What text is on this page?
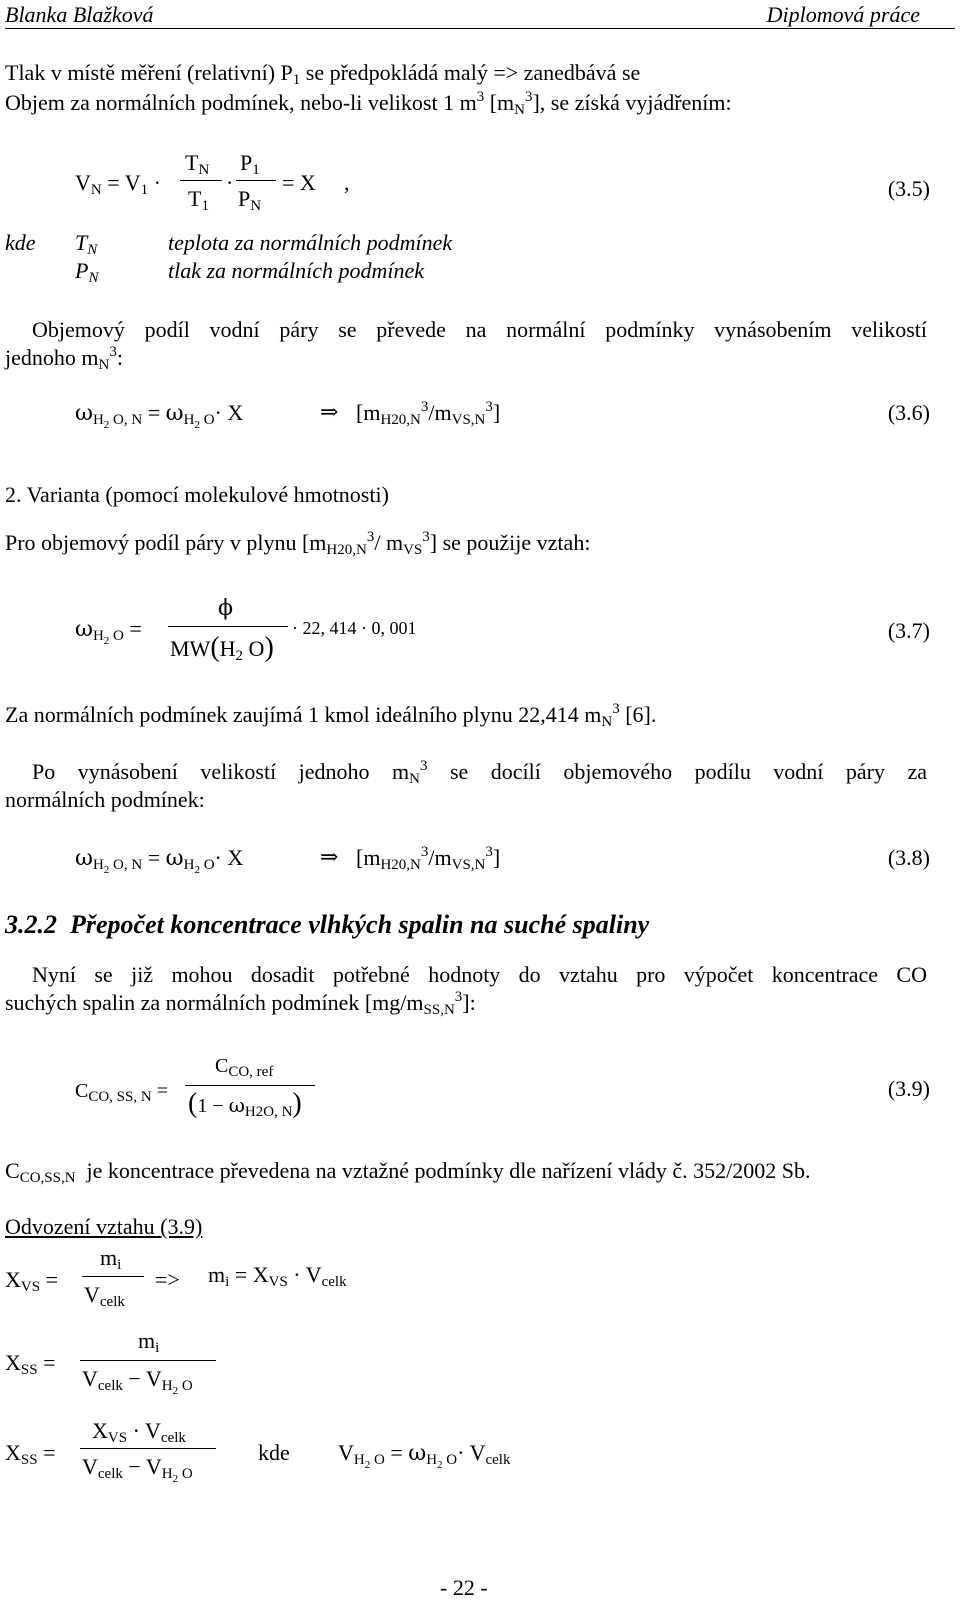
Blanka Blažková	Diplomová práce
Tlak v místě měření (relativní) $P_1$ se předpokládá malý => zanedbává se
Objem za normálních podmínek, nebo-li velikost 1 $m^3$ $[m_N^3]$, se získá vyjádřením:
$V_N = V_1$ ·
$T_N$
$T_1$
·
$P_1$
$P_N$
= X ,	(3.5)
kde $T_N$	teplota za normálních podmínek
$P_N$	tlak za normálních podmínek
Objemový podíl vodní páry se převede na normální podmínky vynásobením velikostí
jednoho $m_N^3$:
$\omega_{H_2 O, N} = \omega_{H_2 O}\cdot X$	⇒ $[m_{H20,N}^3/m_{VS,N}^3]$	(3.6)
2. Varianta (pomocí molekulové hmotnosti)
Pro objemový podíl páry v plynu [$m_{H20,N}^3/$ $m_{VS}^3$] se použije vztah:
$\omega_{H_2 O}$ =
ϕ
$MW(H_2$ O)
· 22, 414 · 0, 001	(3.7)
Za normálních podmínek zaujímá 1 kmol ideálního plynu 22,414 $m_N^3$ [6].
Po vynásobení velikostí jednoho $m_N^3$ se docílí objemového podílu vodní páry za
normálních podmínek:
$\omega_{H_2 O, N} = \omega_{H_2 O}\cdot X$	⇒ $[m_{H20,N}^3/m_{VS,N}^3]$	(3.8)
3.2.2 Přepočet koncentrace vlhkých spalin na suché spaliny
Nyní se již mohou dosadit potřebné hodnoty do vztahu pro výpočet koncentrace CO
suchých spalin za normálních podmínek $[mg/m_{SS,N}^3]$:
$C_{CO, SS, N}$ =
$C_{CO, ref}$
$(1 - \omega_{H2O, N})$	(3.9)
$C_{CO,SS,N}$ je koncentrace převedena na vztažné podmínky dle nařízení vlády č. 352/2002 Sb.
Odvození vztahu (3.9)
$X_{VS}$ =
$m_i$
$V_{celk}$
=> $m_i = X_{VS} \cdot V_{celk}$
$X_{SS}$ =
$m_i$
$V_{celk} - V_{H_2 O}$
$X_{SS}$ =
$X_{VS} \cdot V_{celk}$
$V_{celk} - V_{H_2 O}$
kde $V_{H_2 O} = \omega_{H_2 O}\cdot V_{celk}$
- 22 -
